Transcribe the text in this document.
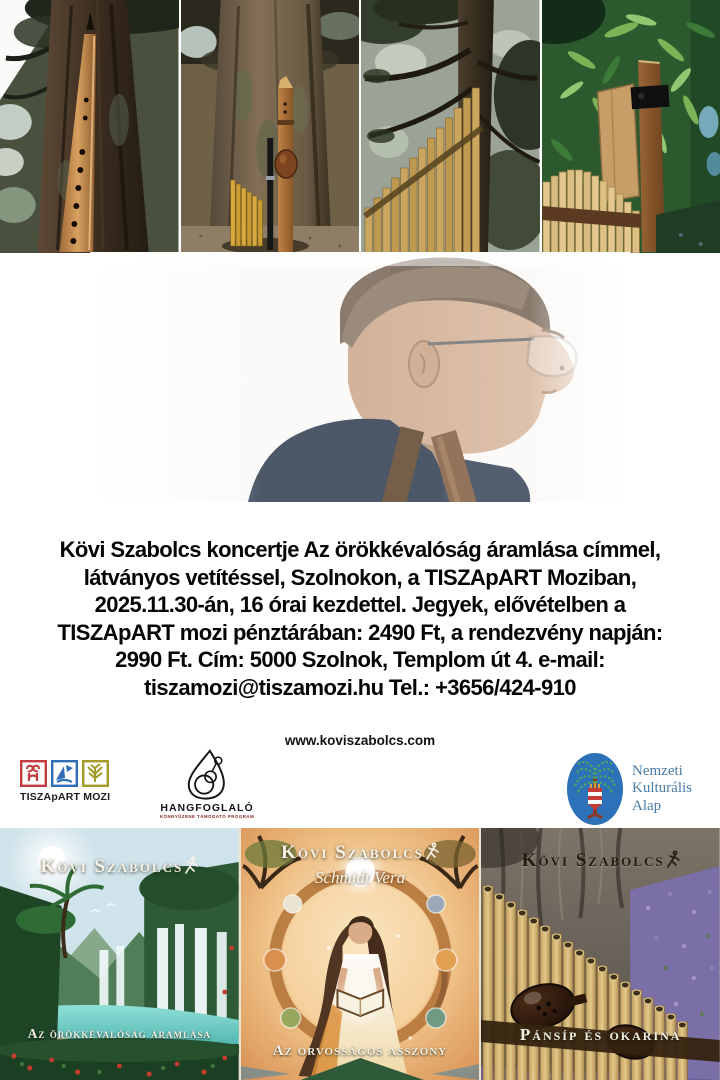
Kövi Szabolcs koncertje Az örökkévalóság áramlása címmel,
látványos vetítéssel, Szolnokon, a TISZApART Moziban,
2025.11.30-án, 16 órai kezdettel. Jegyek, elővételben a
TISZApART mozi pénztárában: 2490 Ft, a rendezvény napján:
2990 Ft. Cím: 5000 Szolnok, Templom út 4. e-mail:
tiszamozi@tiszamozi.hu Tel.: +3656/424-910
www.koviszabolcs.com
TISZApART MOZI
HANGFOGLALÓ
KÖNNYŰZENE TÁMOGATÓ PROGRAM
Nemzeti
Kulturális
Alap
Kövi Szabolcs
Az örökkévalóság áramlása
Kövi Szabolcs
Schmidt Vera
Az orvosságos asszony
Kövi Szabolcs
Pánsíp és okarina
